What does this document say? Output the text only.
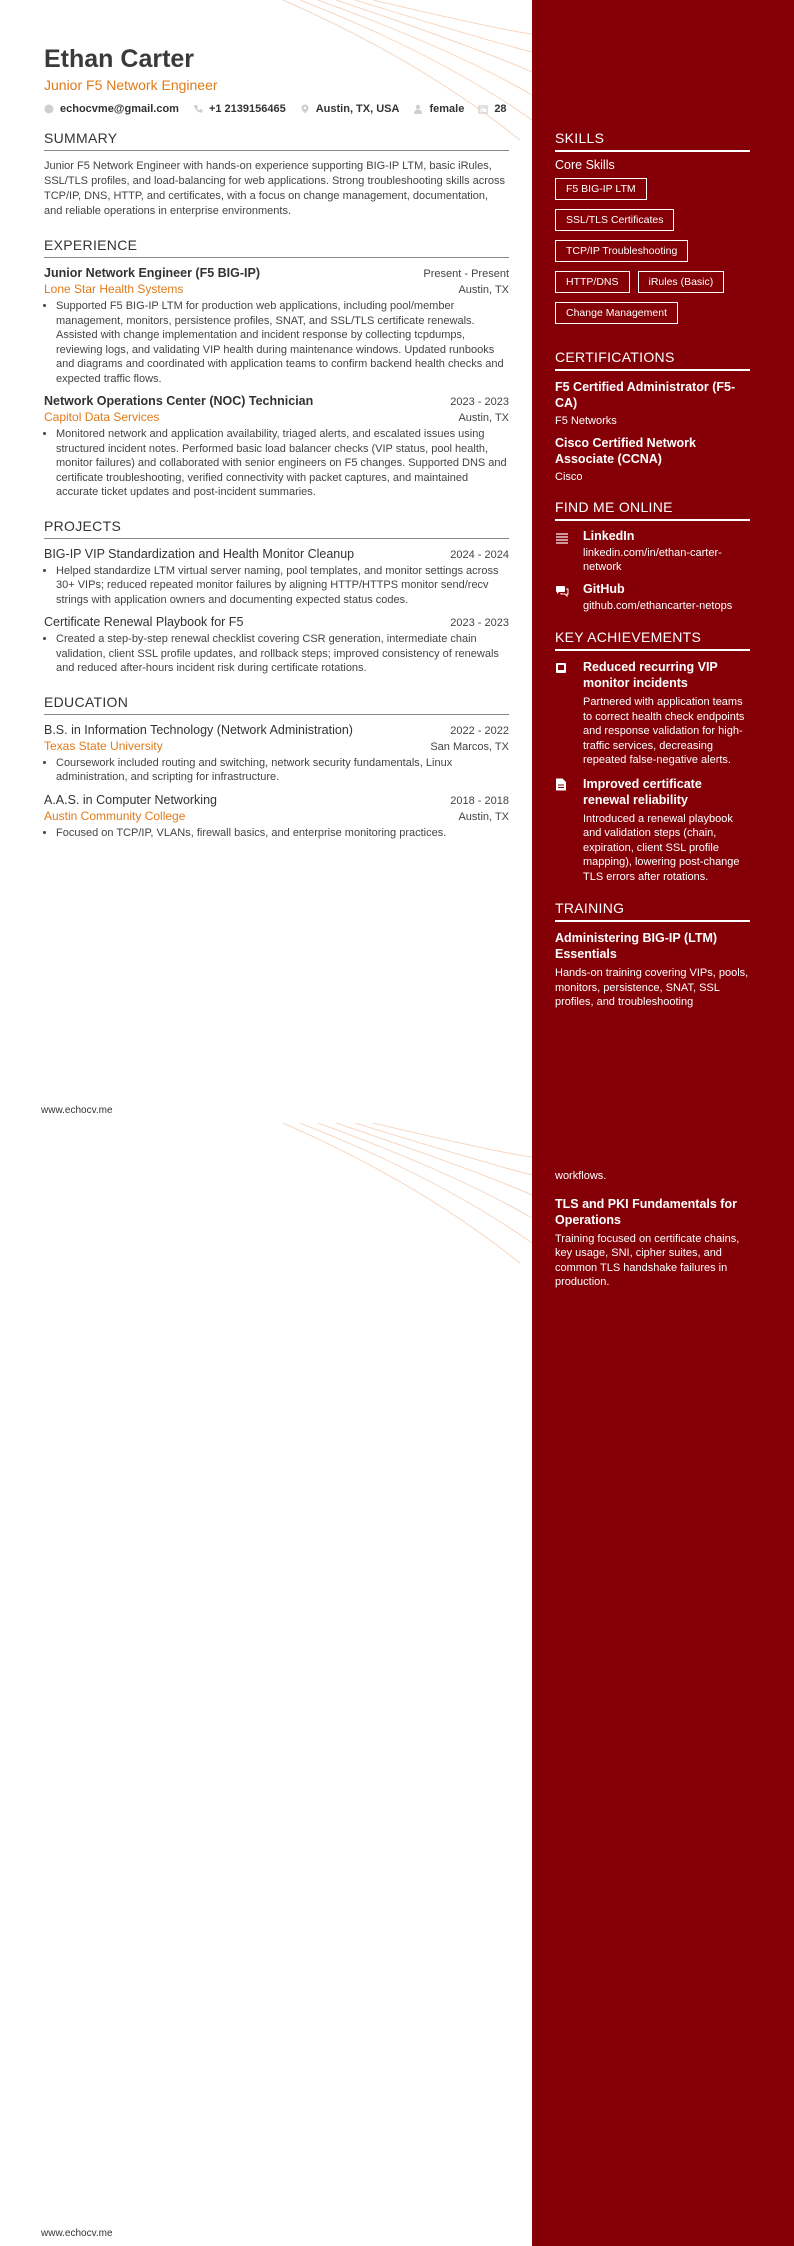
Ethan Carter
Junior F5 Network Engineer
echocvme@gmail.com	+1 2139156465	Austin, TX, USA	female	28
SUMMARY
Junior F5 Network Engineer with hands-on experience supporting BIG-IP LTM, basic iRules, SSL/TLS profiles, and load-balancing for web applications. Strong troubleshooting skills across TCP/IP, DNS, HTTP, and certificates, with a focus on change management, documentation, and reliable operations in enterprise environments.
EXPERIENCE
Junior Network Engineer (F5 BIG-IP)	Present - Present
Lone Star Health Systems	Austin, TX
• Supported F5 BIG-IP LTM for production web applications, including pool/member management, monitors, persistence profiles, SNAT, and SSL/TLS certificate renewals. Assisted with change implementation and incident response by collecting tcpdumps, reviewing logs, and validating VIP health during maintenance windows. Updated runbooks and diagrams and coordinated with application teams to confirm backend health checks and expected traffic flows.
Network Operations Center (NOC) Technician	2023 - 2023
Capitol Data Services	Austin, TX
• Monitored network and application availability, triaged alerts, and escalated issues using structured incident notes. Performed basic load balancer checks (VIP status, pool health, monitor failures) and collaborated with senior engineers on F5 changes. Supported DNS and certificate troubleshooting, verified connectivity with packet captures, and maintained accurate ticket updates and post-incident summaries.
PROJECTS
BIG-IP VIP Standardization and Health Monitor Cleanup	2024 - 2024
• Helped standardize LTM virtual server naming, pool templates, and monitor settings across 30+ VIPs; reduced repeated monitor failures by aligning HTTP/HTTPS monitor send/recv strings with application owners and documenting expected status codes.
Certificate Renewal Playbook for F5	2023 - 2023
• Created a step-by-step renewal checklist covering CSR generation, intermediate chain validation, client SSL profile updates, and rollback steps; improved consistency of renewals and reduced after-hours incident risk during certificate rotations.
EDUCATION
B.S. in Information Technology (Network Administration)	2022 - 2022
Texas State University	San Marcos, TX
• Coursework included routing and switching, network security fundamentals, Linux administration, and scripting for infrastructure.
A.A.S. in Computer Networking	2018 - 2018
Austin Community College	Austin, TX
• Focused on TCP/IP, VLANs, firewall basics, and enterprise monitoring practices.
SKILLS
Core Skills
F5 BIG-IP LTM
SSL/TLS Certificates
TCP/IP Troubleshooting
HTTP/DNS	iRules (Basic)
Change Management
CERTIFICATIONS
F5 Certified Administrator (F5-CA)
F5 Networks
Cisco Certified Network Associate (CCNA)
Cisco
FIND ME ONLINE
LinkedIn
linkedin.com/in/ethan-carter-network
GitHub
github.com/ethancarter-netops
KEY ACHIEVEMENTS
Reduced recurring VIP monitor incidents
Partnered with application teams to correct health check endpoints and response validation for high-traffic services, decreasing repeated false-negative alerts.
Improved certificate renewal reliability
Introduced a renewal playbook and validation steps (chain, expiration, client SSL profile mapping), lowering post-change TLS errors after rotations.
TRAINING
Administering BIG-IP (LTM) Essentials
Hands-on training covering VIPs, pools, monitors, persistence, SNAT, SSL profiles, and troubleshooting
www.echocv.me
workflows.
TLS and PKI Fundamentals for Operations
Training focused on certificate chains, key usage, SNI, cipher suites, and common TLS handshake failures in production.
www.echocv.me
